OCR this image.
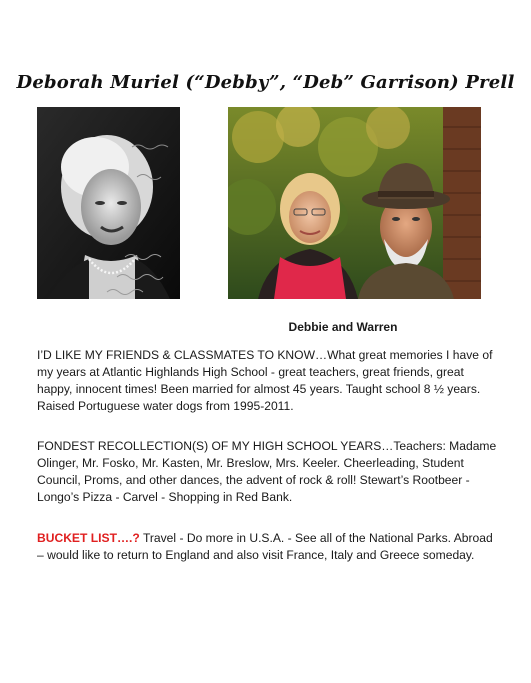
Deborah Muriel (“Debby”, “Deb” Garrison) Prell
Debbie and Warren
I’D LIKE MY FRIENDS & CLASSMATES TO KNOW…What great memories I have of my years at Atlantic Highlands High School - great teachers, great friends, great happy, innocent times! Been married for almost 45 years. Taught school 8 ½ years. Raised Portuguese water dogs from 1995-2011.
FONDEST RECOLLECTION(S) OF MY HIGH SCHOOL YEARS…Teachers: Madame Olinger, Mr. Fosko, Mr. Kasten, Mr. Breslow, Mrs. Keeler. Cheerleading, Student Council, Proms, and other dances, the advent of rock & roll! Stewart’s Rootbeer - Longo’s Pizza - Carvel - Shopping in Red Bank.
BUCKET LIST….? Travel - Do more in U.S.A. - See all of the National Parks. Abroad – would like to return to England and also visit France, Italy and Greece someday.
